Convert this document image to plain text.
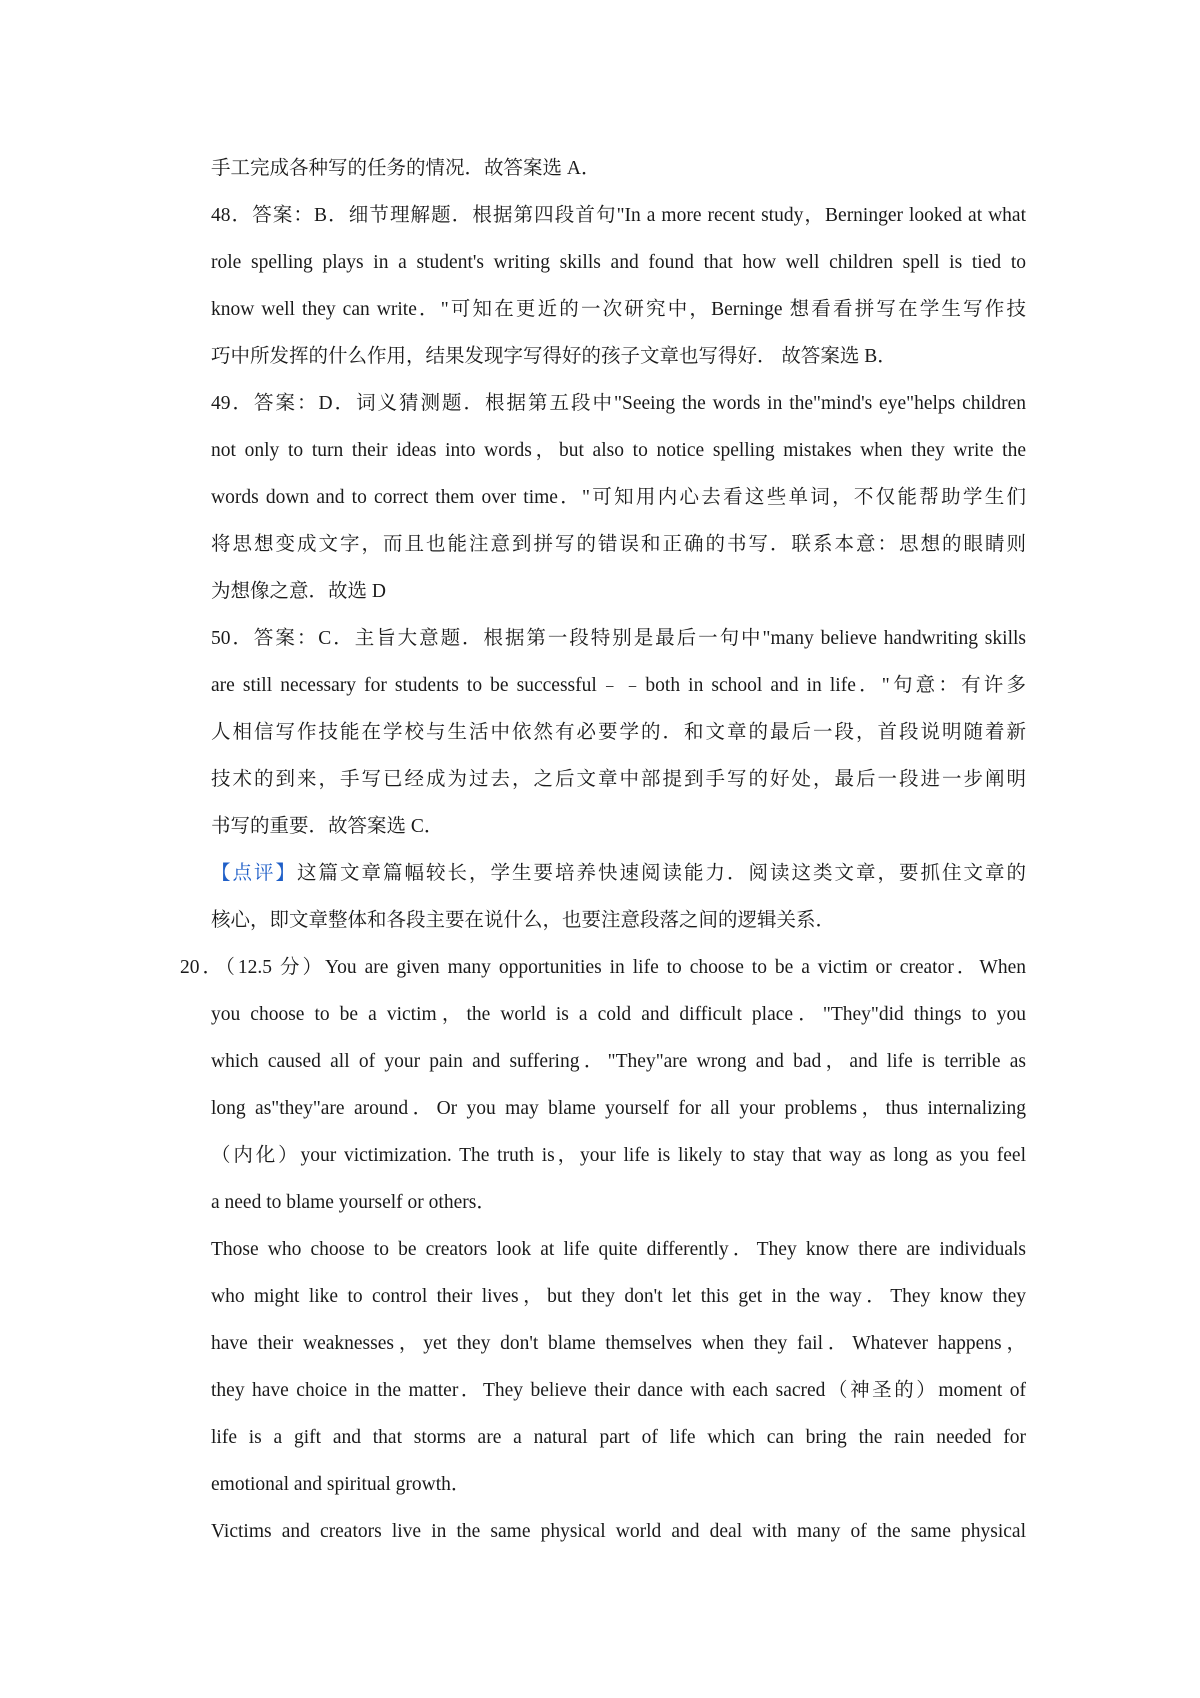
手工完成各种写的任务的情况．故答案选 A．
48．答案：B．细节理解题．根据第四段首句"In a more recent study，Berninger looked at what
role spelling plays in a student's writing skills and found that how well children spell is tied to
know well they can write．"可知在更近的一次研究中，Berninge 想看看拼写在学生写作技
巧中所发挥的什么作用，结果发现字写得好的孩子文章也写得好． 故答案选 B．
49．答案：D．词义猜测题．根据第五段中"Seeing the words in the"mind's eye"helps children
not only to turn their ideas into words，but also to notice spelling mistakes when they write the
words down and to correct them over time．"可知用内心去看这些单词，不仅能帮助学生们
将思想变成文字，而且也能注意到拼写的错误和正确的书写．联系本意：思想的眼睛则
为想像之意．故选 D
50．答案：C．主旨大意题．根据第一段特别是最后一句中"many believe handwriting skills
are still necessary for students to be successful﹣﹣both in school and in life．"句意：有许多
人相信写作技能在学校与生活中依然有必要学的．和文章的最后一段，首段说明随着新
技术的到来，手写已经成为过去，之后文章中部提到手写的好处，最后一段进一步阐明
书写的重要．故答案选 C．
【点评】这篇文章篇幅较长，学生要培养快速阅读能力．阅读这类文章，要抓住文章的
核心，即文章整体和各段主要在说什么，也要注意段落之间的逻辑关系．
20．（12.5 分）You are given many opportunities in life to choose to be a victim or creator．When
you choose to be a victim，the world is a cold and difficult place．"They"did things to you
which caused all of your pain and suffering．"They"are wrong and bad，and life is terrible as
long as"they"are around．Or you may blame yourself for all your problems，thus internalizing
（内化）your victimization. The truth is，your life is likely to stay that way as long as you feel
a need to blame yourself or others．
Those who choose to be creators look at life quite differently．They know there are individuals
who might like to control their lives，but they don't let this get in the way．They know they
have their weaknesses，yet they don't blame themselves when they fail．Whatever happens，
they have choice in the matter．They believe their dance with each sacred（神圣的）moment of
life is a gift and that storms are a natural part of life which can bring the rain needed for
emotional and spiritual growth．
Victims and creators live in the same physical world and deal with many of the same physical
